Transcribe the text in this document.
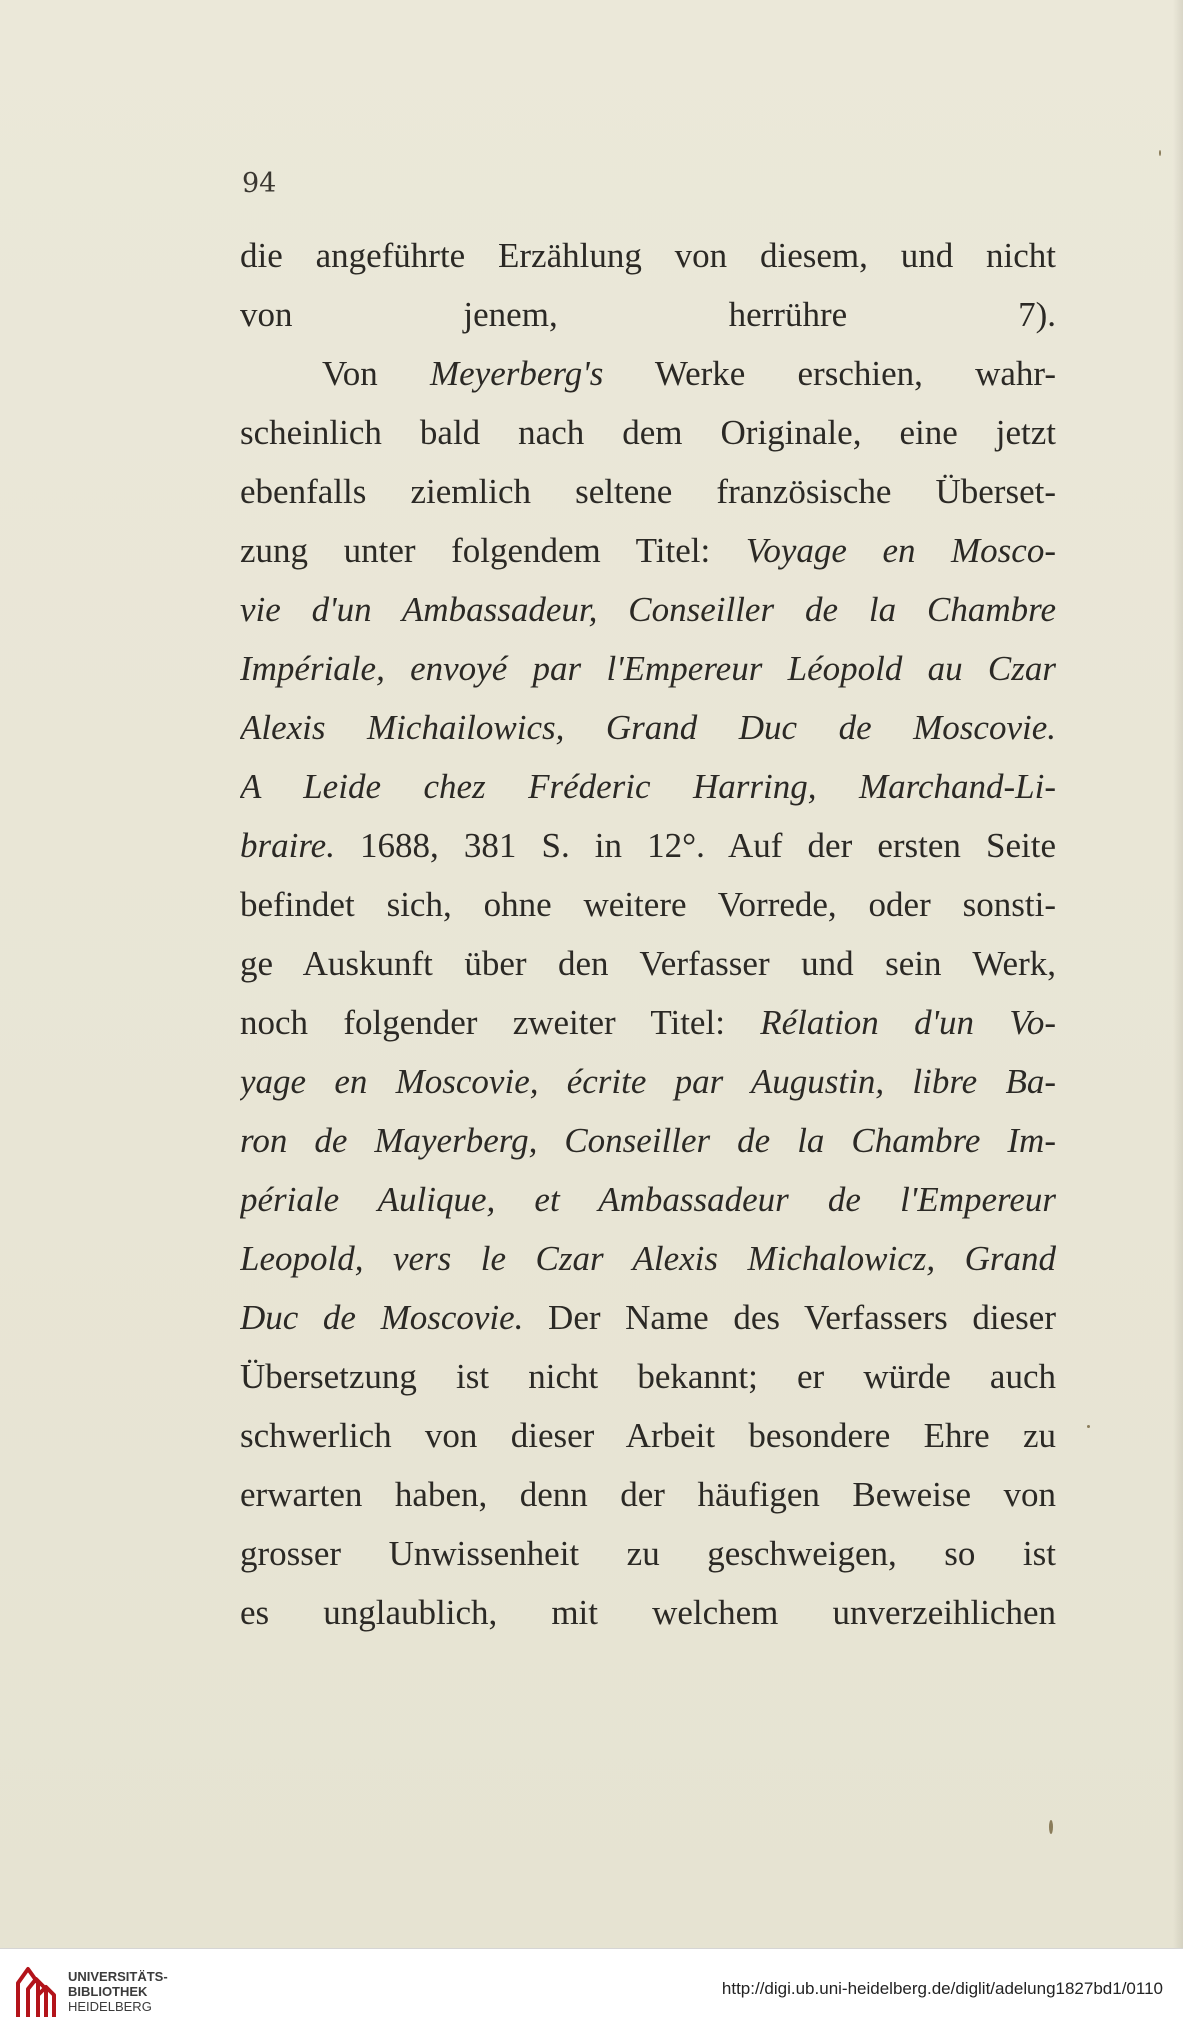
94
die angeführte Erzählung von diesem, und nicht
von jenem, herrühre 7).
Von Meyerberg's Werke erschien, wahr-
scheinlich bald nach dem Originale, eine jetzt
ebenfalls ziemlich seltene französische Überset-
zung unter folgendem Titel: Voyage en Mosco-
vie d'un Ambassadeur, Conseiller de la Chambre
Impériale, envoyé par l'Empereur Léopold au Czar
Alexis Michailowics, Grand Duc de Moscovie.
A Leide chez Fréderic Harring, Marchand-Li-
braire. 1688, 381 S. in 12°. Auf der ersten Seite
befindet sich, ohne weitere Vorrede, oder sonsti-
ge Auskunft über den Verfasser und sein Werk,
noch folgender zweiter Titel: Rélation d'un Vo-
yage en Moscovie, écrite par Augustin, libre Ba-
ron de Mayerberg, Conseiller de la Chambre Im-
périale Aulique, et Ambassadeur de l'Empereur
Leopold, vers le Czar Alexis Michalowicz, Grand
Duc de Moscovie. Der Name des Verfassers dieser
Übersetzung ist nicht bekannt; er würde auch
schwerlich von dieser Arbeit besondere Ehre zu
erwarten haben, denn der häufigen Beweise von
grosser Unwissenheit zu geschweigen, so ist
es unglaublich, mit welchem unverzeihlichen
UNIVERSITÄTS-
BIBLIOTHEK
HEIDELBERG
http://digi.ub.uni-heidelberg.de/diglit/adelung1827bd1/0110
